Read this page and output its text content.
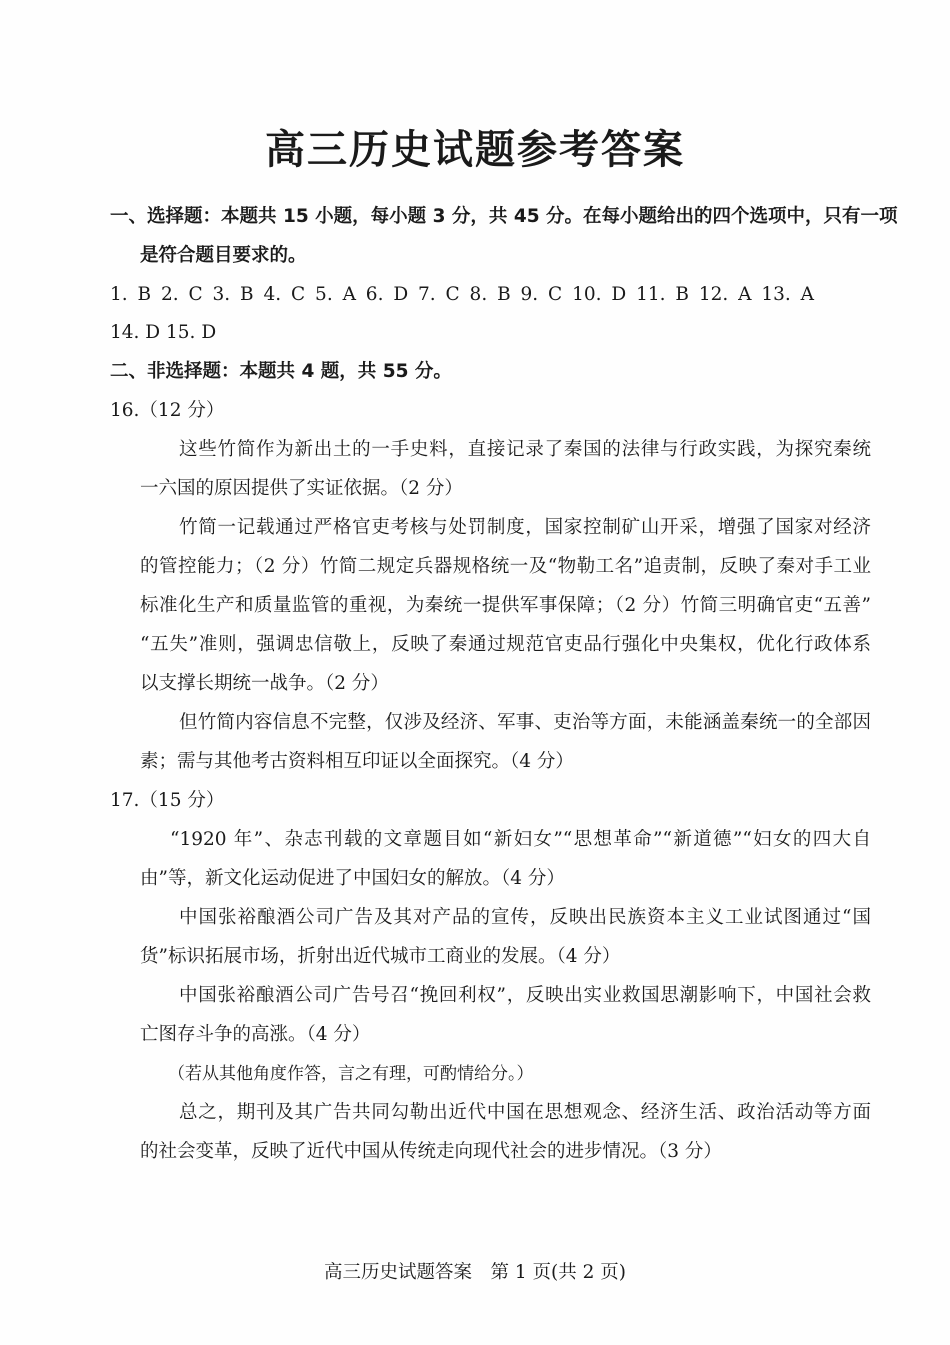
高三历史试题参考答案
一、选择题：本题共 15 小题，每小题 3 分，共 45 分。在每小题给出的四个选项中，只有一项
是符合题目要求的。
1. B 2. C 3. B 4. C 5. A 6. D 7. C 8. B 9. C 10. D 11. B 12. A 13. A
14. D 15. D
二、非选择题：本题共 4 题，共 55 分。
16.（12 分）
这些竹简作为新出土的一手史料，直接记录了秦国的法律与行政实践，为探究秦统
一六国的原因提供了实证依据。（2 分）
竹简一记载通过严格官吏考核与处罚制度，国家控制矿山开采，增强了国家对经济
的管控能力；（2 分）竹简二规定兵器规格统一及“物勒工名”追责制，反映了秦对手工业
标准化生产和质量监管的重视，为秦统一提供军事保障；（2 分）竹简三明确官吏“五善”
“五失”准则，强调忠信敬上，反映了秦通过规范官吏品行强化中央集权，优化行政体系
以支撑长期统一战争。（2 分）
但竹简内容信息不完整，仅涉及经济、军事、吏治等方面，未能涵盖秦统一的全部因
素；需与其他考古资料相互印证以全面探究。（4 分）
17.（15 分）
“1920 年”、杂志刊载的文章题目如“新妇女”“思想革命”“新道德”“妇女的四大自
由”等，新文化运动促进了中国妇女的解放。（4 分）
中国张裕酿酒公司广告及其对产品的宣传，反映出民族资本主义工业试图通过“国
货”标识拓展市场，折射出近代城市工商业的发展。（4 分）
中国张裕酿酒公司广告号召“挽回利权”，反映出实业救国思潮影响下，中国社会救
亡图存斗争的高涨。（4 分）
（若从其他角度作答，言之有理，可酌情给分。）
总之，期刊及其广告共同勾勒出近代中国在思想观念、经济生活、政治活动等方面
的社会变革，反映了近代中国从传统走向现代社会的进步情况。（3 分）
高三历史试题答案　第 1 页(共 2 页)
